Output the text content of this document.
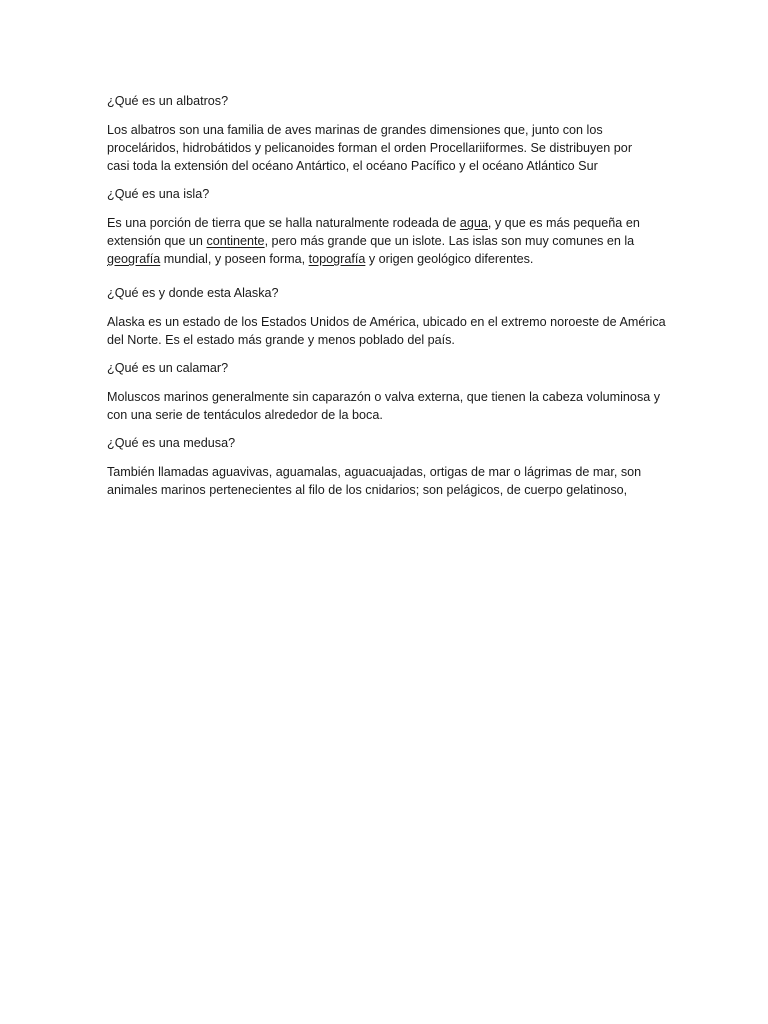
¿Qué es un albatros?

Los albatros son una familia de aves marinas de grandes dimensiones que, junto con los
proceláridos, hidrobátidos y pelicanoides forman el orden Procellariiformes. Se distribuyen por
casi toda la extensión del océano Antártico, el océano Pacífico y el océano Atlántico Sur

¿Qué es una isla?

Es una porción de tierra que se halla naturalmente rodeada de agua, y que es más pequeña en
extensión que un continente, pero más grande que un islote. Las islas son muy comunes en la
geografía mundial, y poseen forma, topografía y origen geológico diferentes.

¿Qué es y donde esta Alaska?

Alaska es un estado de los Estados Unidos de América, ubicado en el extremo noroeste de América
del Norte. Es el estado más grande y menos poblado del país.

¿Qué es un calamar?

Moluscos marinos generalmente sin caparazón o valva externa, que tienen la cabeza voluminosa y
con una serie de tentáculos alrededor de la boca.

¿Qué es una medusa?

También llamadas aguavivas, aguamalas, aguacuajadas, ortigas de mar o lágrimas de mar, son
animales marinos pertenecientes al filo de los cnidarios; son pelágicos, de cuerpo gelatinoso,
